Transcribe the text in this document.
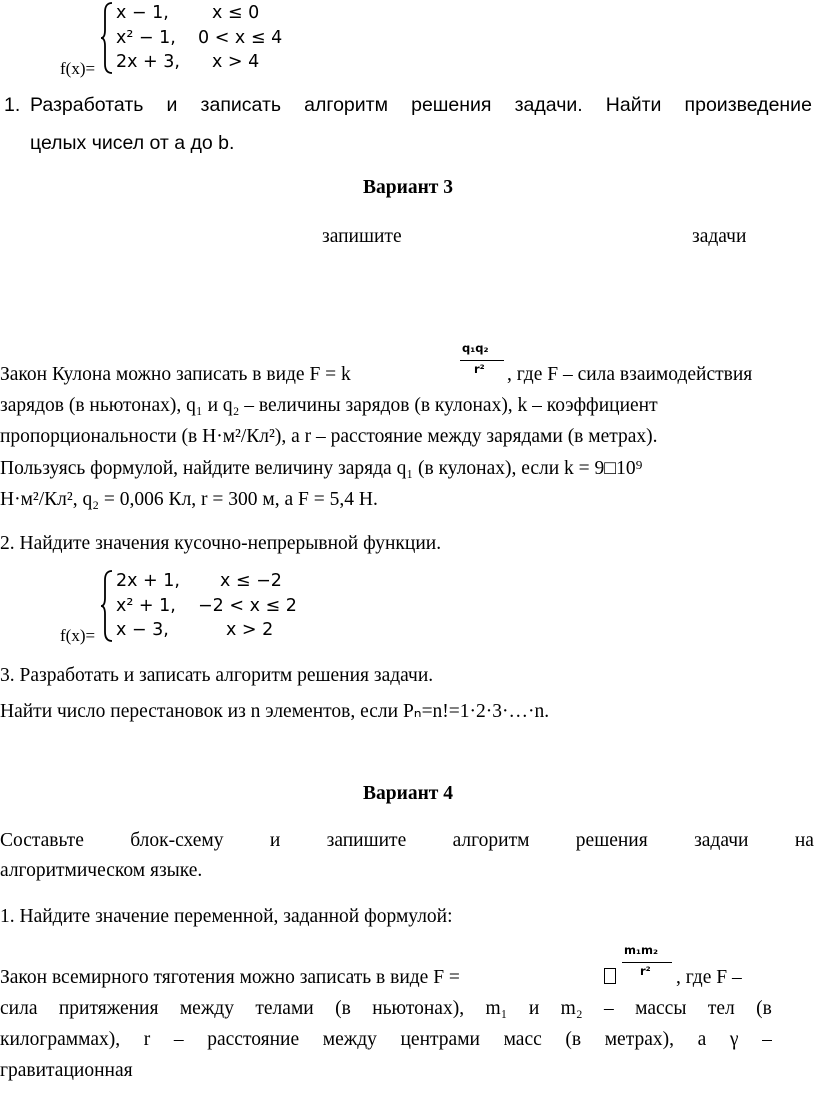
x − 1, x ≤ 0
x² − 1, 0 < x ≤ 4
2x + 3, x > 4
f(x)=
1. Разработать и записать алгоритм решения задачи. Найти произведение
целых чисел от a до b.
Вариант 3
запишите	задачи
Закон Кулона можно записать в виде F = k
q₁q₂
r² , где F – сила взаимодействия
зарядов (в ньютонах), q₁ и q₂ – величины зарядов (в кулонах), k – коэффициент
пропорциональности (в Н·м²/Кл²), а r – расстояние между зарядами (в метрах).
Пользуясь формулой, найдите величину заряда q₁ (в кулонах), если k = 9□10⁹
Н·м²/Кл², q₂ = 0,006 Кл, r = 300 м, а F = 5,4 Н.
2. Найдите значения кусочно-непрерывной функции.
2x + 1, x ≤ −2
x² + 1, −2 < x ≤ 2
x − 3,	x > 2
f(x)=
3. Разработать и записать алгоритм решения задачи.
Найти число перестановок из n элементов, если Pₙ=n!=1·2·3·…·n.
Вариант 4
Составьте блок-схему и запишите алгоритм решения задачи на
алгоритмическом языке.
1. Найдите значение переменной, заданной формулой:
Закон всемирного тяготения можно записать в виде F =
m₁m₂
r² , где F –
сила притяжения между телами (в ньютонах), m₁ и m₂ – массы тел (в
килограммах), r – расстояние между центрами масс (в метрах), а γ –
гравитационная
